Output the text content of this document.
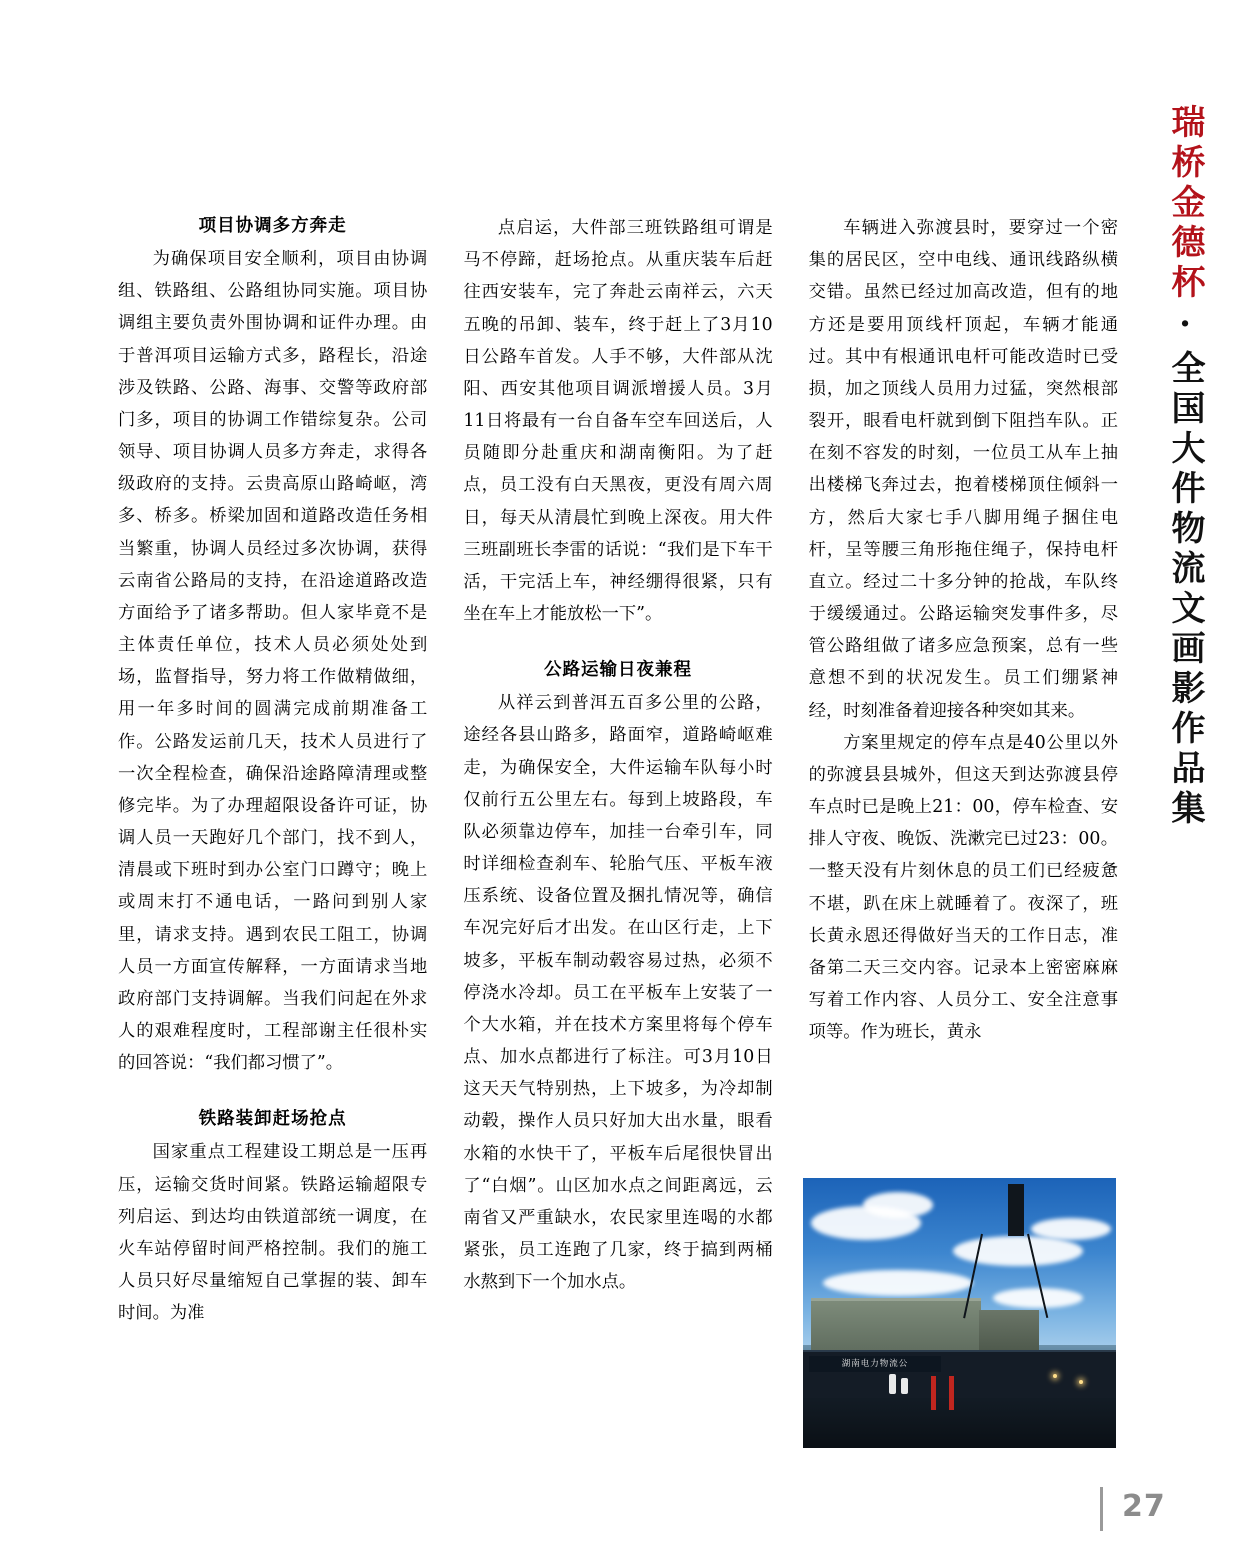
瑞桥金德杯·全国大件物流文画影作品集
项目协调多方奔走

为确保项目安全顺利，项目由协调组、铁路组、公路组协同实施。项目协调组主要负责外围协调和证件办理。由于普洱项目运输方式多，路程长，沿途涉及铁路、公路、海事、交警等政府部门多，项目的协调工作错综复杂。公司领导、项目协调人员多方奔走，求得各级政府的支持。云贵高原山路崎岖，湾多、桥多。桥梁加固和道路改造任务相当繁重，协调人员经过多次协调，获得云南省公路局的支持，在沿途道路改造方面给予了诸多帮助。但人家毕竟不是主体责任单位，技术人员必须处处到场，监督指导，努力将工作做精做细，用一年多时间的圆满完成前期准备工作。公路发运前几天，技术人员进行了一次全程检查，确保沿途路障清理或整修完毕。为了办理超限设备许可证，协调人员一天跑好几个部门，找不到人，清晨或下班时到办公室门口蹲守；晚上或周末打不通电话，一路问到别人家里，请求支持。遇到农民工阻工，协调人员一方面宣传解释，一方面请求当地政府部门支持调解。当我们问起在外求人的艰难程度时，工程部谢主任很朴实的回答说：“我们都习惯了”。

铁路装卸赶场抢点

国家重点工程建设工期总是一压再压，运输交货时间紧。铁路运输超限专列启运、到达均由铁道部统一调度，在火车站停留时间严格控制。我们的施工人员只好尽量缩短自己掌握的装、卸车时间。为准

点启运，大件部三班铁路组可谓是马不停蹄，赶场抢点。从重庆装车后赶往西安装车，完了奔赴云南祥云，六天五晚的吊卸、装车，终于赶上了3月10日公路车首发。人手不够，大件部从沈阳、西安其他项目调派增援人员。3月11日将最有一台自备车空车回送后，人员随即分赴重庆和湖南衡阳。为了赶点，员工没有白天黑夜，更没有周六周日，每天从清晨忙到晚上深夜。用大件三班副班长李雷的话说：“我们是下车干活，干完活上车，神经绷得很紧，只有坐在车上才能放松一下”。

公路运输日夜兼程

从祥云到普洱五百多公里的公路，途经各县山路多，路面窄，道路崎岖难走，为确保安全，大件运输车队每小时仅前行五公里左右。每到上坡路段，车队必须靠边停车，加挂一台牵引车，同时详细检查刹车、轮胎气压、平板车液压系统、设备位置及捆扎情况等，确信车况完好后才出发。在山区行走，上下坡多，平板车制动毂容易过热，必须不停浇水冷却。员工在平板车上安装了一个大水箱，并在技术方案里将每个停车点、加水点都进行了标注。可3月10日这天天气特别热，上下坡多，为冷却制动毂，操作人员只好加大出水量，眼看水箱的水快干了，平板车后尾很快冒出了“白烟”。山区加水点之间距离远，云南省又严重缺水，农民家里连喝的水都紧张，员工连跑了几家，终于搞到两桶水熬到下一个加水点。

车辆进入弥渡县时，要穿过一个密集的居民区，空中电线、通讯线路纵横交错。虽然已经过加高改造，但有的地方还是要用顶线杆顶起，车辆才能通过。其中有根通讯电杆可能改造时已受损，加之顶线人员用力过猛，突然根部裂开，眼看电杆就到倒下阻挡车队。正在刻不容发的时刻，一位员工从车上抽出楼梯飞奔过去，抱着楼梯顶住倾斜一方，然后大家七手八脚用绳子捆住电杆，呈等腰三角形拖住绳子，保持电杆直立。经过二十多分钟的抢战，车队终于缓缓通过。公路运输突发事件多，尽管公路组做了诸多应急预案，总有一些意想不到的状况发生。员工们绷紧神经，时刻准备着迎接各种突如其来。

方案里规定的停车点是40公里以外的弥渡县县城外，但这天到达弥渡县停车点时已是晚上21：00，停车检查、安排人守夜、晚饭、洗漱完已过23：00。一整天没有片刻休息的员工们已经疲惫不堪，趴在床上就睡着了。夜深了，班长黄永恩还得做好当天的工作日志，准备第二天三交内容。记录本上密密麻麻写着工作内容、人员分工、安全注意事项等。作为班长，黄永

湖南电力物流公
27
